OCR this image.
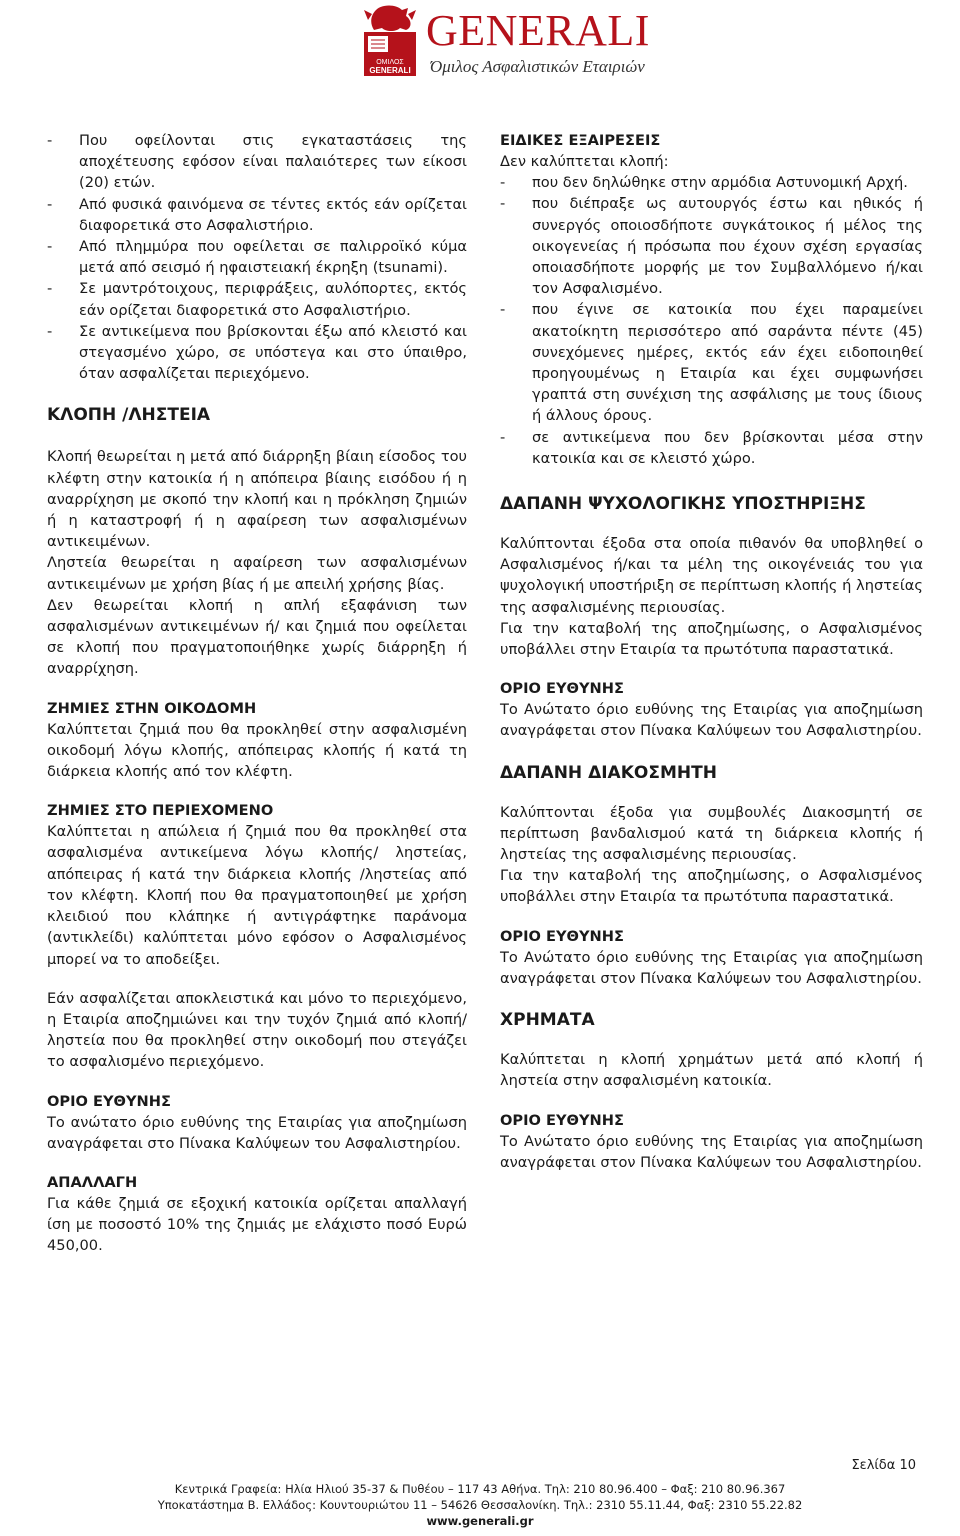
ΟΜΙΛΟΣ
GENERALI
GENERALI
Όμιλος Ασφαλιστικών Εταιριών
-	Που οφείλονται στις εγκαταστάσεις της αποχέτευσης εφόσον είναι παλαιότερες των είκοσι (20) ετών.
-	Από φυσικά φαινόμενα σε τέντες εκτός εάν ορίζεται διαφορετικά στο Ασφαλιστήριο.
-	Από πλημμύρα που οφείλεται σε παλιρροϊκό κύμα μετά από σεισμό ή ηφαιστειακή έκρηξη (tsunami).
-	Σε μαντρότοιχους, περιφράξεις, αυλόπορτες, εκτός εάν ορίζεται διαφορετικά στο Ασφαλιστήριο.
-	Σε αντικείμενα που βρίσκονται έξω από κλειστό και στεγασμένο χώρο, σε υπόστεγα και στο ύπαιθρο, όταν ασφαλίζεται περιεχόμενο.
ΚΛΟΠΗ /ΛΗΣΤΕΙΑ

Κλοπή θεωρείται η μετά από διάρρηξη βίαιη είσοδος του κλέφτη στην κατοικία ή η απόπειρα βίαιης εισόδου ή η αναρρίχηση με σκοπό την κλοπή και η πρόκληση ζημιών ή η καταστροφή ή η αφαίρεση των ασφαλισμένων αντικειμένων.

Ληστεία θεωρείται η αφαίρεση των ασφαλισμένων αντικειμένων με χρήση βίας ή με απειλή χρήσης βίας.

Δεν θεωρείται κλοπή η απλή εξαφάνιση των ασφαλισμένων αντικειμένων ή/ και ζημιά που οφείλεται σε κλοπή που πραγματοποιήθηκε χωρίς διάρρηξη ή αναρρίχηση.

ΖΗΜΙΕΣ ΣΤΗΝ ΟΙΚΟΔΟΜΗ

Καλύπτεται ζημιά που θα προκληθεί στην ασφαλισμένη οικοδομή λόγω κλοπής, απόπειρας κλοπής ή κατά τη διάρκεια κλοπής από τον κλέφτη.

ΖΗΜΙΕΣ ΣΤΟ ΠΕΡΙΕΧΟΜΕΝΟ

Καλύπτεται η απώλεια ή ζημιά που θα προκληθεί στα ασφαλισμένα αντικείμενα λόγω κλοπής/ ληστείας, απόπειρας ή κατά την διάρκεια κλοπής /ληστείας από τον κλέφτη. Κλοπή που θα πραγματοποιηθεί με χρήση κλειδιού που κλάπηκε ή αντιγράφτηκε παράνομα (αντικλείδι) καλύπτεται μόνο εφόσον ο Ασφαλισμένος μπορεί να το αποδείξει.

Εάν ασφαλίζεται αποκλειστικά και μόνο το περιεχόμενο, η Εταιρία αποζημιώνει και την τυχόν ζημιά από κλοπή/ληστεία που θα προκληθεί στην οικοδομή που στεγάζει το ασφαλισμένο περιεχόμενο.

ΟΡΙΟ ΕΥΘΥΝΗΣ

Το ανώτατο όριο ευθύνης της Εταιρίας για αποζημίωση αναγράφεται στο Πίνακα Καλύψεων του Ασφαλιστηρίου.

ΑΠΑΛΛΑΓΗ

Για κάθε ζημιά σε εξοχική κατοικία ορίζεται απαλλαγή ίση με ποσοστό 10% της ζημιάς με ελάχιστο ποσό Ευρώ 450,00.

ΕΙΔΙΚΕΣ ΕΞΑΙΡΕΣΕΙΣ
Δεν καλύπτεται κλοπή:
-	που δεν δηλώθηκε στην αρμόδια Αστυνομική Αρχή.
-	που διέπραξε ως αυτουργός έστω και ηθικός ή συνεργός οποιοσδήποτε συγκάτοικος ή μέλος της οικογενείας ή πρόσωπα που έχουν σχέση εργασίας οποιασδήποτε μορφής με τον Συμβαλλόμενο ή/και τον Ασφαλισμένο.
-	που έγινε σε κατοικία που έχει παραμείνει ακατοίκητη περισσότερο από σαράντα πέντε (45) συνεχόμενες ημέρες, εκτός εάν έχει ειδοποιηθεί προηγουμένως η Εταιρία και έχει συμφωνήσει γραπτά στη συνέχιση της ασφάλισης με τους ίδιους ή άλλους όρους.
-	σε αντικείμενα που δεν βρίσκονται μέσα στην κατοικία και σε κλειστό χώρο.
ΔΑΠΑΝΗ ΨΥΧΟΛΟΓΙΚΗΣ ΥΠΟΣΤΗΡΙΞΗΣ

Καλύπτονται έξοδα στα οποία πιθανόν θα υποβληθεί ο Ασφαλισμένος ή/και τα μέλη της οικογένειάς του για ψυχολογική υποστήριξη σε περίπτωση κλοπής ή ληστείας της ασφαλισμένης περιουσίας.

Για την καταβολή της αποζημίωσης, ο Ασφαλισμένος υποβάλλει στην Εταιρία τα πρωτότυπα παραστατικά.

ΟΡΙΟ ΕΥΘΥΝΗΣ

Το Ανώτατο όριο ευθύνης της Εταιρίας για αποζημίωση αναγράφεται στον Πίνακα Καλύψεων του Ασφαλιστηρίου.

ΔΑΠΑΝΗ ΔΙΑΚΟΣΜΗΤΗ

Καλύπτονται έξοδα για συμβουλές Διακοσμητή σε περίπτωση βανδαλισμού κατά τη διάρκεια κλοπής ή ληστείας της ασφαλισμένης περιουσίας.

Για την καταβολή της αποζημίωσης, ο Ασφαλισμένος υποβάλλει στην Εταιρία τα πρωτότυπα παραστατικά.

ΟΡΙΟ ΕΥΘΥΝΗΣ

Το Ανώτατο όριο ευθύνης της Εταιρίας για αποζημίωση αναγράφεται στον Πίνακα Καλύψεων του Ασφαλιστηρίου.

ΧΡΗΜΑΤΑ

Καλύπτεται η κλοπή χρημάτων μετά από κλοπή ή ληστεία στην ασφαλισμένη κατοικία.

ΟΡΙΟ ΕΥΘΥΝΗΣ

Το Ανώτατο όριο ευθύνης της Εταιρίας για αποζημίωση αναγράφεται στον Πίνακα Καλύψεων του Ασφαλιστηρίου.

Σελίδα 10
Κεντρικά Γραφεία: Ηλία Ηλιού 35-37 & Πυθέου – 117 43 Αθήνα. Τηλ: 210 80.96.400 – Φαξ: 210 80.96.367
Υποκατάστημα Β. Ελλάδος: Κουντουριώτου 11 – 54626 Θεσσαλονίκη. Τηλ.: 2310 55.11.44, Φαξ: 2310 55.22.82
www.generali.gr
